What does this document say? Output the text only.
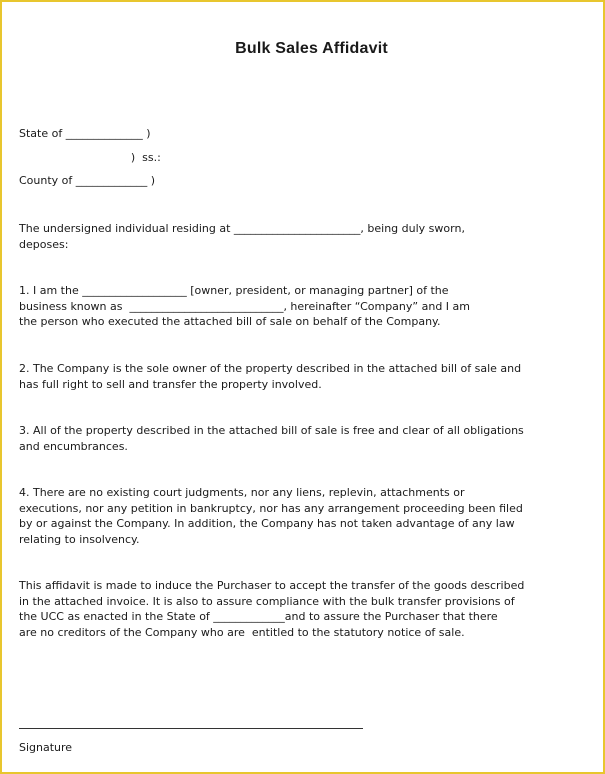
Bulk Sales Affidavit
State of ______________ )
)  ss.:
County of _____________ )
The undersigned individual residing at _______________________, being duly sworn,
deposes:
1. I am the ___________________ [owner, president, or managing partner] of the
business known as  ____________________________, hereinafter “Company” and I am
the person who executed the attached bill of sale on behalf of the Company.
2. The Company is the sole owner of the property described in the attached bill of sale and
has full right to sell and transfer the property involved.
3. All of the property described in the attached bill of sale is free and clear of all obligations
and encumbrances.
4. There are no existing court judgments, nor any liens, replevin, attachments or
executions, nor any petition in bankruptcy, nor has any arrangement proceeding been filed
by or against the Company. In addition, the Company has not taken advantage of any law
relating to insolvency.
This affidavit is made to induce the Purchaser to accept the transfer of the goods described
in the attached invoice. It is also to assure compliance with the bulk transfer provisions of
the UCC as enacted in the State of _____________and to assure the Purchaser that there
are no creditors of the Company who are  entitled to the statutory notice of sale.
Signature
